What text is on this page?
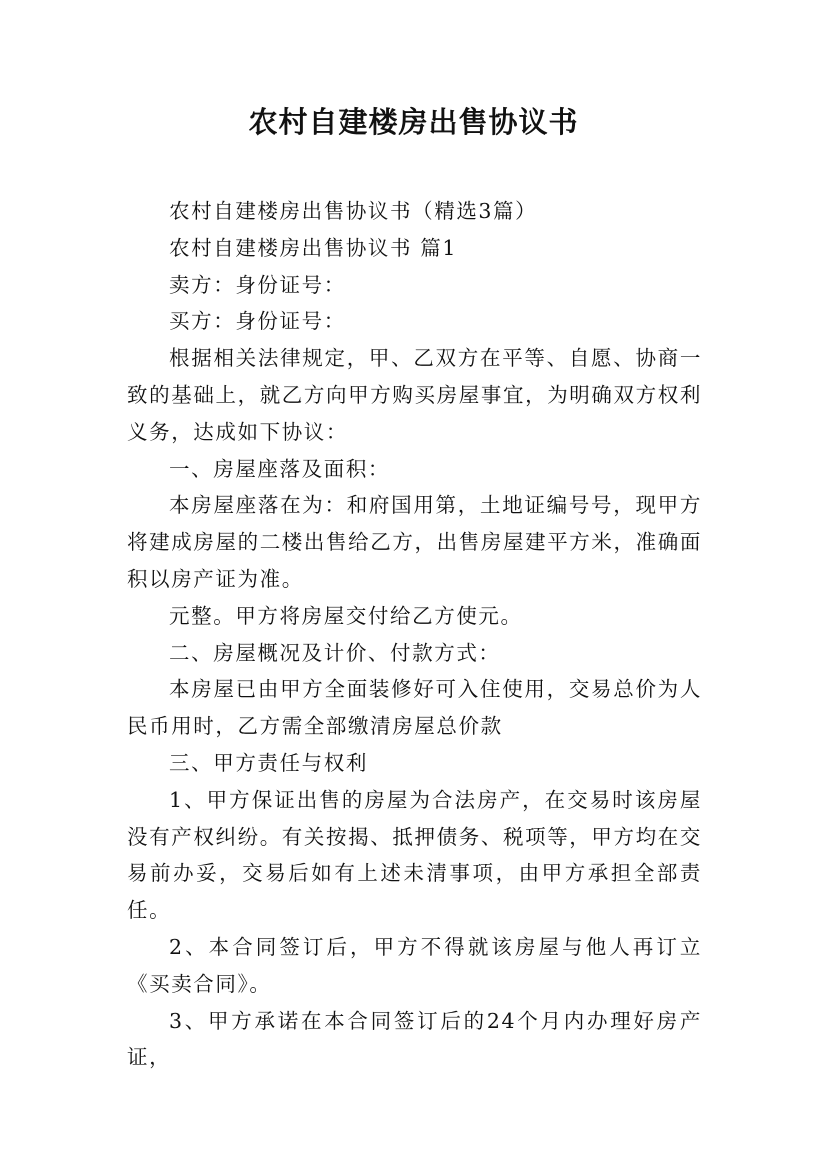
农村自建楼房出售协议书

农村自建楼房出售协议书（精选3篇）

农村自建楼房出售协议书 篇1

卖方：身份证号：

买方：身份证号：

根据相关法律规定，甲、乙双方在平等、自愿、协商一致的基础上，就乙方向甲方购买房屋事宜，为明确双方权利义务，达成如下协议：

一、房屋座落及面积：

本房屋座落在为：和府国用第，土地证编号号，现甲方将建成房屋的二楼出售给乙方，出售房屋建平方米，准确面积以房产证为准。

元整。甲方将房屋交付给乙方使元。

二、房屋概况及计价、付款方式：

本房屋已由甲方全面装修好可入住使用，交易总价为人民币用时，乙方需全部缴清房屋总价款

三、甲方责任与权利

1、甲方保证出售的房屋为合法房产，在交易时该房屋没有产权纠纷。有关按揭、抵押债务、税项等，甲方均在交易前办妥，交易后如有上述未清事项，由甲方承担全部责任。

2、本合同签订后，甲方不得就该房屋与他人再订立《买卖合同》。

3、甲方承诺在本合同签订后的24个月内办理好房产证，
